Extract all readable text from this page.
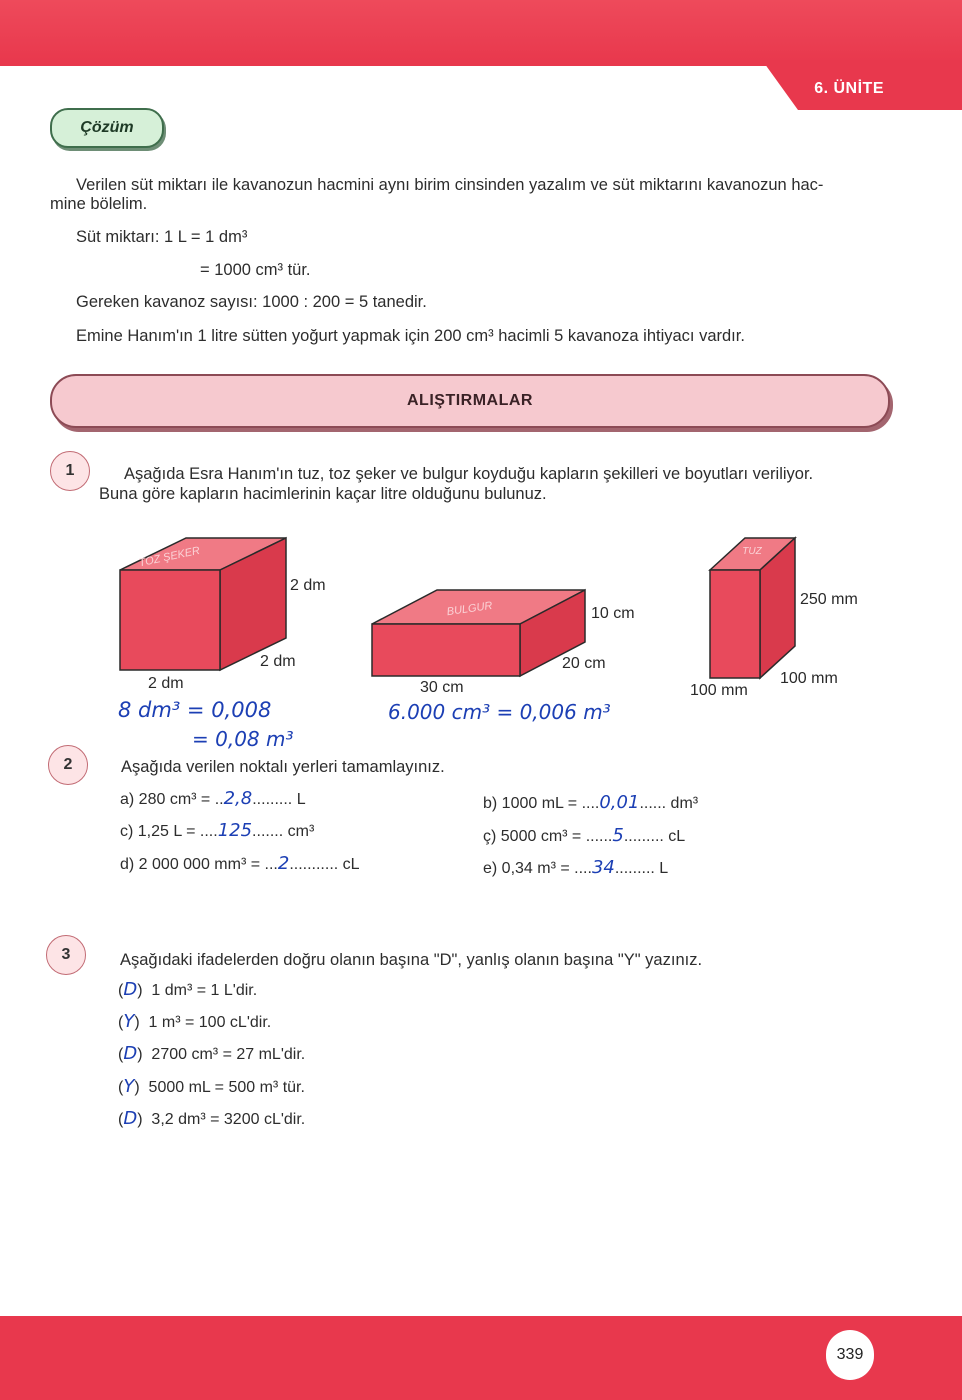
6. ÜNİTE
Çözüm
Verilen süt miktarı ile kavanozun hacmini aynı birim cinsinden yazalım ve süt miktarını kavanozun hac-
mine bölelim.
Süt miktarı: 1 L = 1 dm³
= 1000 cm³ tür.
Gereken kavanoz sayısı: 1000 : 200 = 5 tanedir.
Emine Hanım'ın 1 litre sütten yoğurt yapmak için 200 cm³ hacimli 5 kavanoza ihtiyacı vardır.
ALIŞTIRMALAR
1	Aşağıda Esra Hanım'ın tuz, toz şeker ve bulgur koyduğu kapların şekilleri ve boyutları veriliyor.
Buna göre kapların hacimlerinin kaçar litre olduğunu bulunuz.
TOZ ŞEKER
2 dm
2 dm
2 dm
BULGUR	10 cm
20 cm
30 cm
TUZ
250 mm
100 mm
100 mm
8 dm³ = 0,008
= 0,08 m³
6.000 cm³ = 0,006 m³
2	Aşağıda verilen noktalı yerleri tamamlayınız.
a) 280 cm³ = ..2,8......... L	b) 1000 mL = ....0,01...... dm³
c) 1,25 L = ....125....... cm³	ç) 5000 cm³ = ......5......... cL
d) 2 000 000 mm³ = ...2........... cL	e) 0,34 m³ = ....34......... L
3	Aşağıdaki ifadelerden doğru olanın başına "D", yanlış olanın başına "Y" yazınız.
(D)  1 dm³ = 1 L'dir.
(Y)  1 m³ = 100 cL'dir.
(D)  2700 cm³ = 27 mL'dir.
(Y)  5000 mL = 500 m³ tür.
(D)  3,2 dm³ = 3200 cL'dir.
339
